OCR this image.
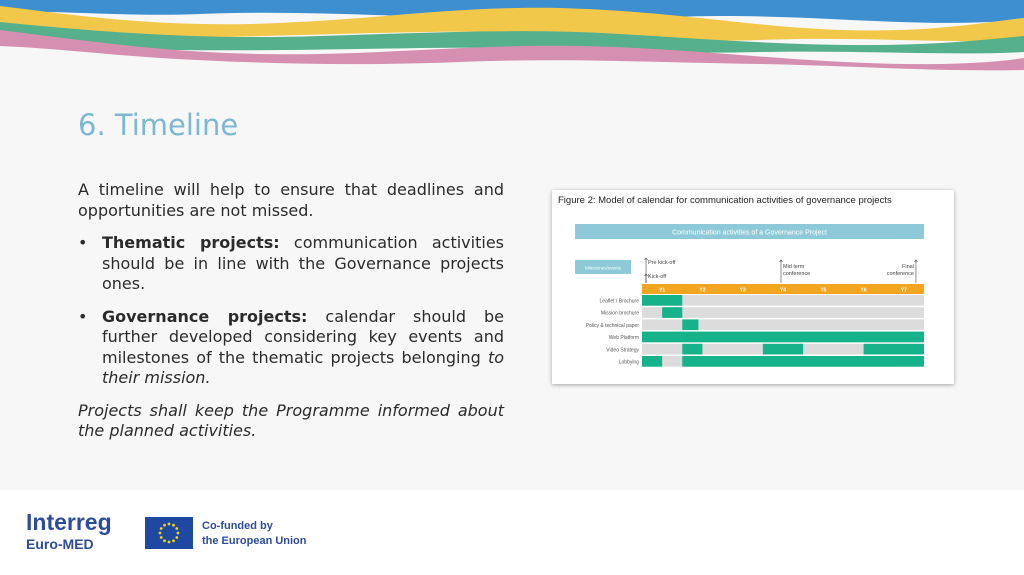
6. Timeline

A timeline will help to ensure that deadlines and opportunities are not missed.

• Thematic projects: communication activities should be in line with the Governance projects ones.
• Governance projects: calendar should be further developed considering key events and milestones of the thematic projects belonging to their mission.

Projects shall keep the Programme informed about the planned activities.

Figure 2: Model of calendar for communication activities of governance projects
Communication activities of a Governance Project
Milestones/events
Pre kick-off
Kick-off
Mid term
conference
Final
conference
Y1	Y2	Y3	Y4	Y5	Y6	Y7
Leaflet / Brochure
Mission brochure
Policy & technical paper
Web Platform
Video Strategy
Lobbying
Interreg
Euro-MED
Co-funded by
the European Union
